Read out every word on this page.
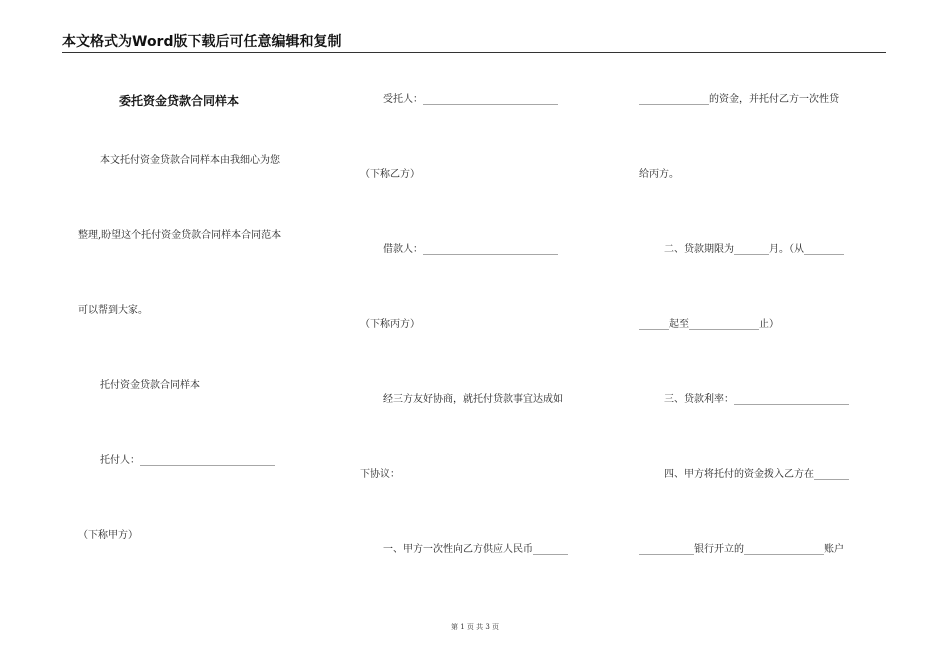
本文格式为Word版下载后可任意编辑和复制
委托资金贷款合同样本
本文托付资金贷款合同样本由我细心为您
整理,盼望这个托付资金贷款合同样本合同范本
可以帮到大家。
托付资金贷款合同样本
托付人：___________________________
（下称甲方）
受托人：___________________________
（下称乙方）
借款人：___________________________
（下称丙方）
经三方友好协商，就托付贷款事宜达成如
下协议：
一、甲方一次性向乙方供应人民币_______
______________的资金，并托付乙方一次性贷
给丙方。
二、贷款期限为_______月。（从________
______起至______________止）
三、贷款利率：_______________________
四、甲方将托付的资金拨入乙方在_______
___________银行开立的________________账户
第 1 页 共 3 页
